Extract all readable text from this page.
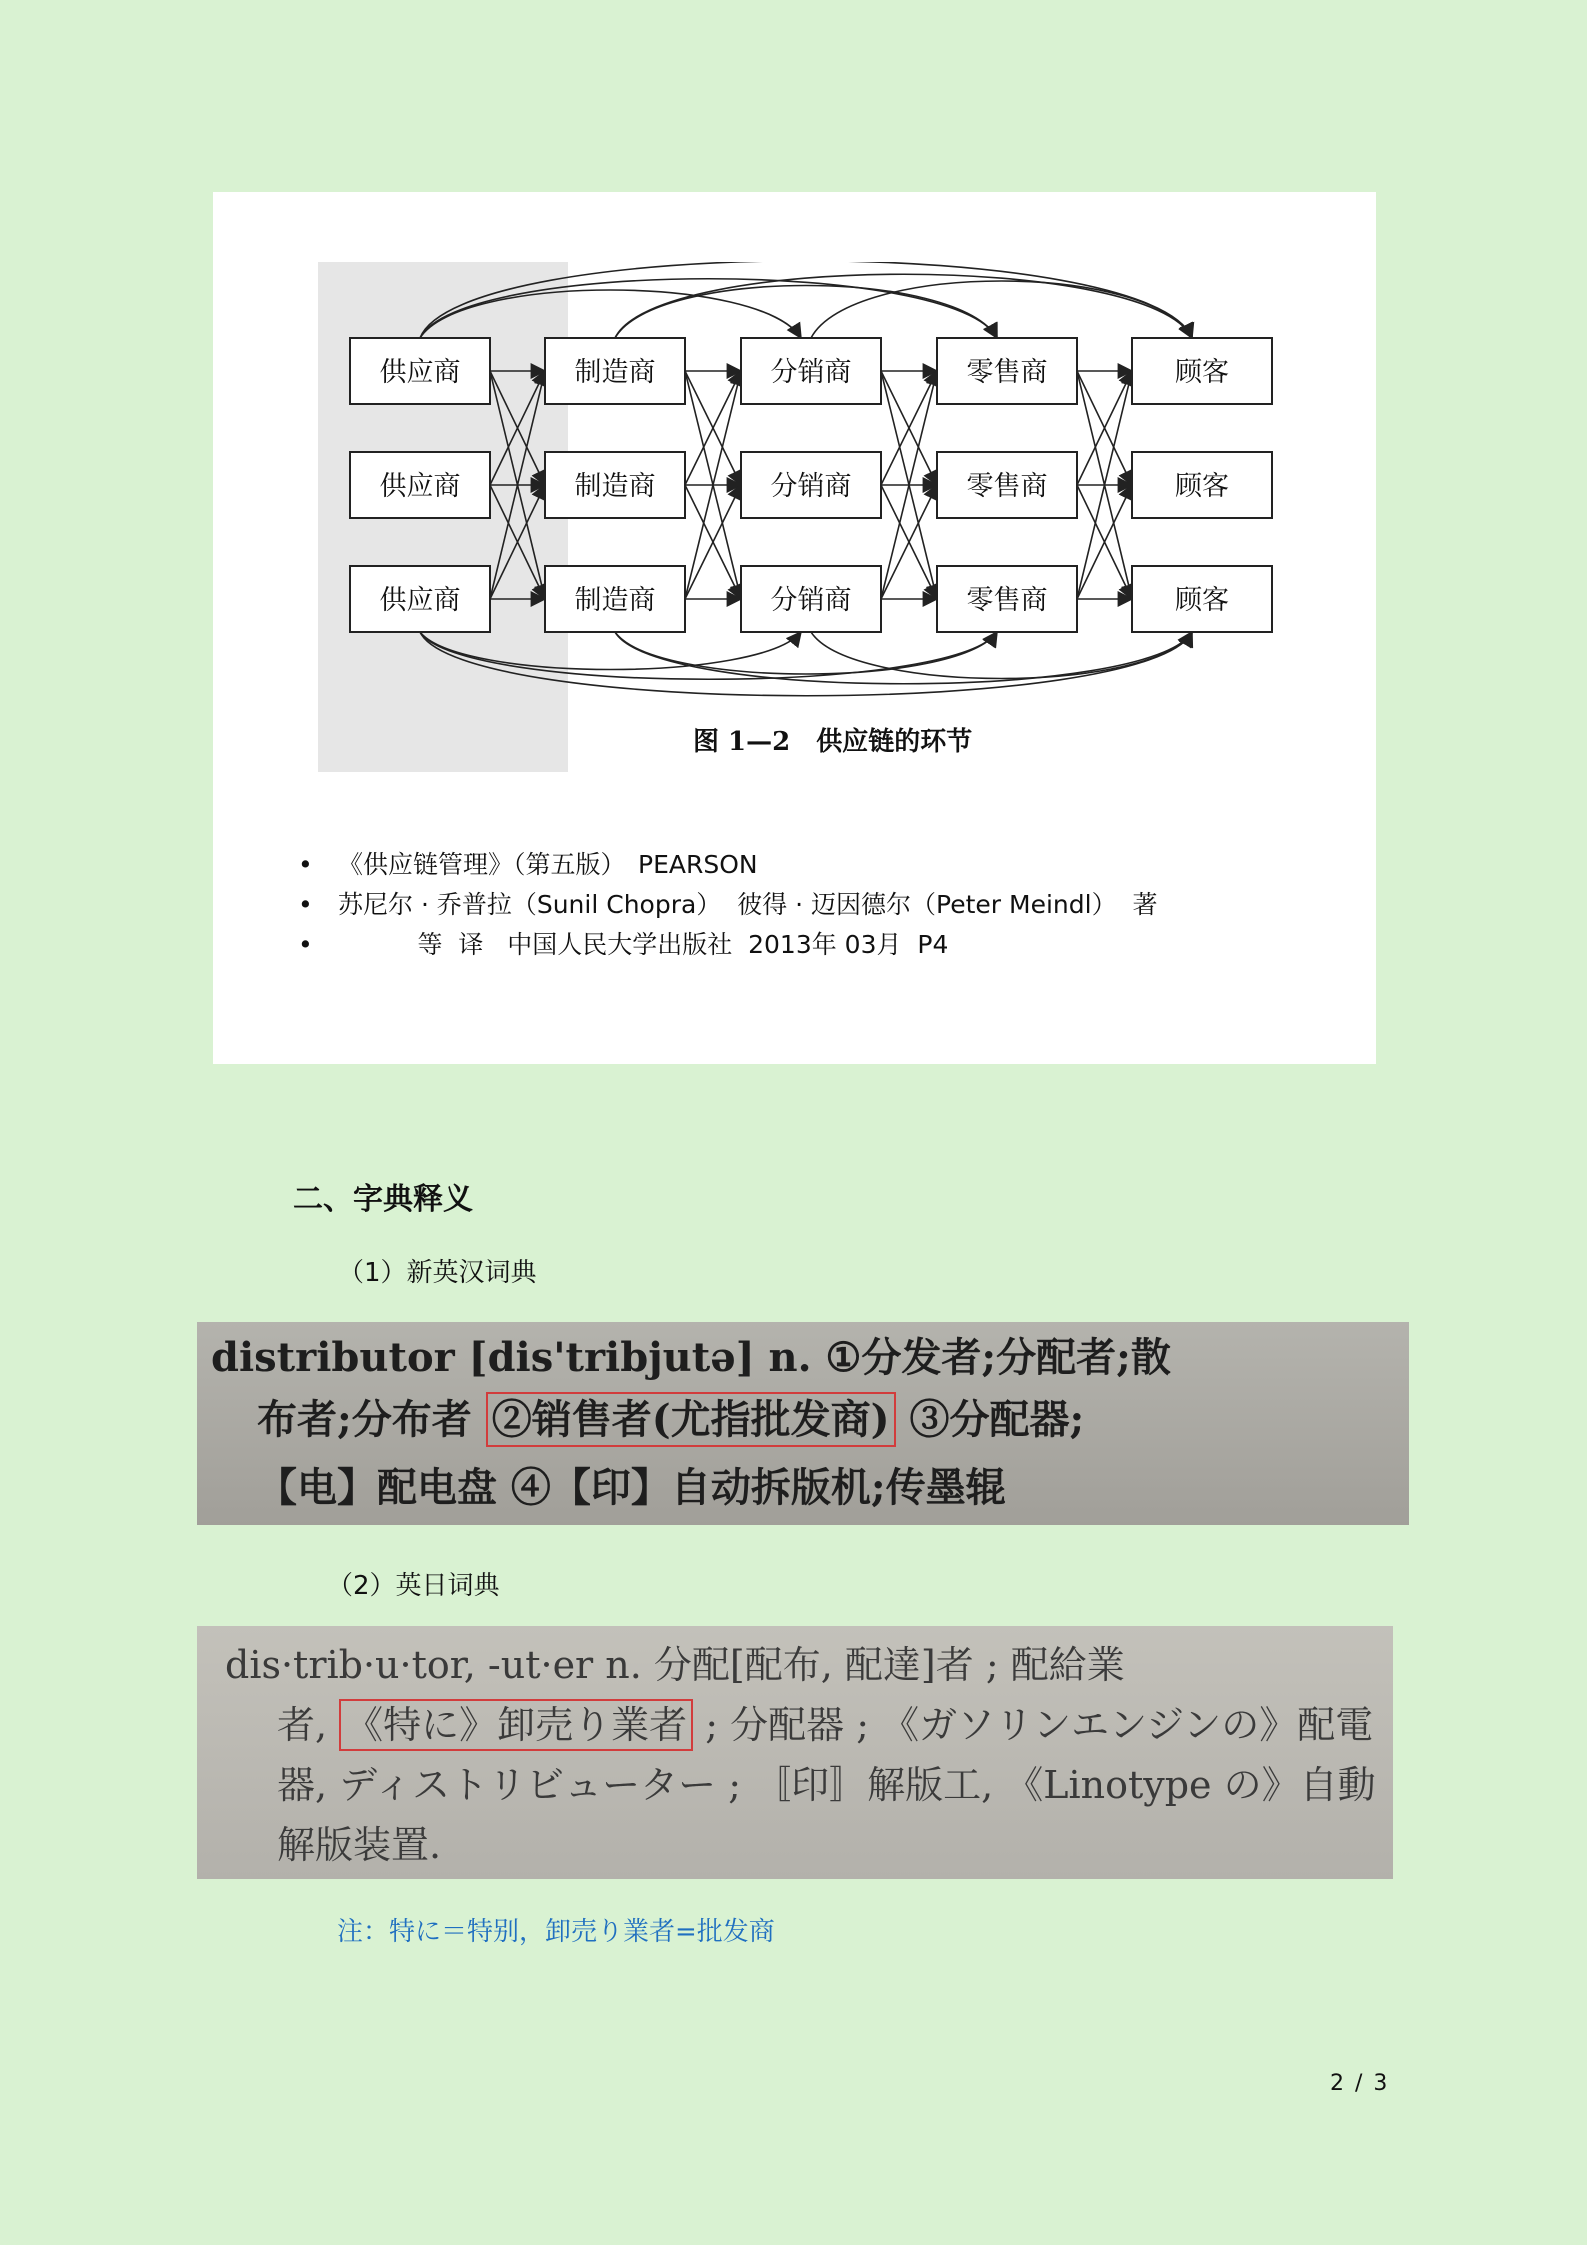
供应商
供应商
供应商
制造商
制造商
制造商
分销商
分销商
分销商
零售商
零售商
零售商
顾客
顾客
顾客
图 1—2　供应链的环节
•	《供应链管理》（第五版）　PEARSON
•	苏尼尔 · 乔普拉（Sunil Chopra）  彼得 · 迈因德尔（Peter Meindl）  著
•	等  译   中国人民大学出版社  2013年 03月  P4
二、字典释义
（1）新英汉词典
distributor [dis'tribjutə] n. ①分发者;分配者;散
布者;分布者 ②销售者(尤指批发商) ③分配器;
【电】配电盘 ④【印】自动拆版机;传墨辊
（2）英日词典
dis·trib·u·tor, -ut·er n. 分配[配布, 配達]者 ; 配給業
者, 《特に》卸売り業者 ; 分配器 ; 《ガソリンエンジンの》配電
器, ディストリビューター ; 〚印〛解版工, 《Linotype の》自動
解版装置.
注：特に＝特别，卸売り業者=批发商
2 / 3
